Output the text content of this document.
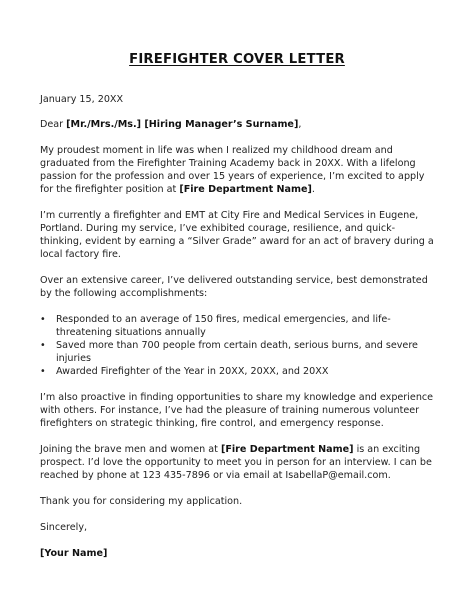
FIREFIGHTER COVER LETTER
January 15, 20XX

Dear [Mr./Mrs./Ms.] [Hiring Manager’s Surname],

My proudest moment in life was when I realized my childhood dream and graduated from the Firefighter Training Academy back in 20XX. With a lifelong passion for the profession and over 15 years of experience, I’m excited to apply for the firefighter position at [Fire Department Name].

I’m currently a firefighter and EMT at City Fire and Medical Services in Eugene, Portland. During my service, I’ve exhibited courage, resilience, and quick-thinking, evident by earning a “Silver Grade” award for an act of bravery during a local factory fire.

Over an extensive career, I’ve delivered outstanding service, best demonstrated by the following accomplishments:

• Responded to an average of 150 fires, medical emergencies, and life-threatening situations annually
• Saved more than 700 people from certain death, serious burns, and severe injuries
• Awarded Firefighter of the Year in 20XX, 20XX, and 20XX

I’m also proactive in finding opportunities to share my knowledge and experience with others. For instance, I’ve had the pleasure of training numerous volunteer firefighters on strategic thinking, fire control, and emergency response.

Joining the brave men and women at [Fire Department Name] is an exciting prospect. I’d love the opportunity to meet you in person for an interview. I can be reached by phone at 123 435-7896 or via email at IsabellaP@email.com.

Thank you for considering my application.

Sincerely,

[Your Name]
